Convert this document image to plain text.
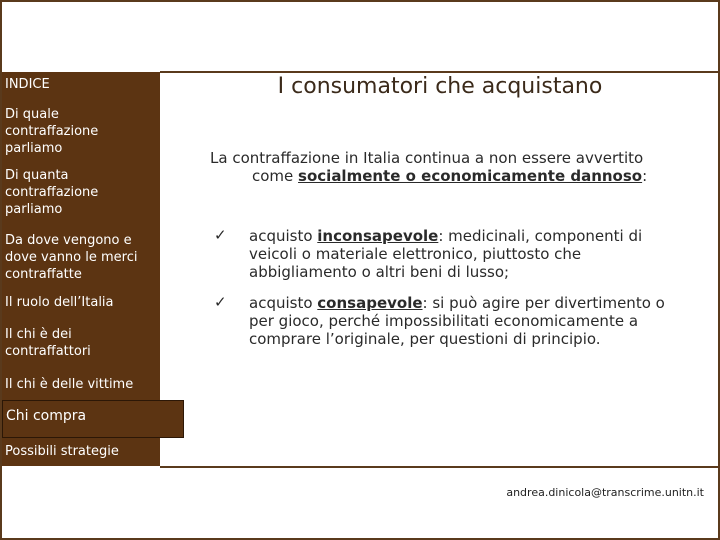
INDICE
Di quale contraffazione parliamo
Di quanta contraffazione parliamo
Da dove vengono e dove vanno le merci contraffatte
Il ruolo dell’Italia
Il chi è dei contraffattori
Il chi è delle vittime
Chi compra
Possibili strategie
I consumatori che acquistano
La contraffazione in Italia continua a non essere avvertito
come socialmente o economicamente dannoso:
✓ acquisto inconsapevole: medicinali, componenti di veicoli o materiale elettronico, piuttosto che abbigliamento o altri beni di lusso;
✓ acquisto consapevole: si può agire per divertimento o per gioco, perché impossibilitati economicamente a comprare l’originale, per questioni di principio.
andrea.dinicola@transcrime.unitn.it
